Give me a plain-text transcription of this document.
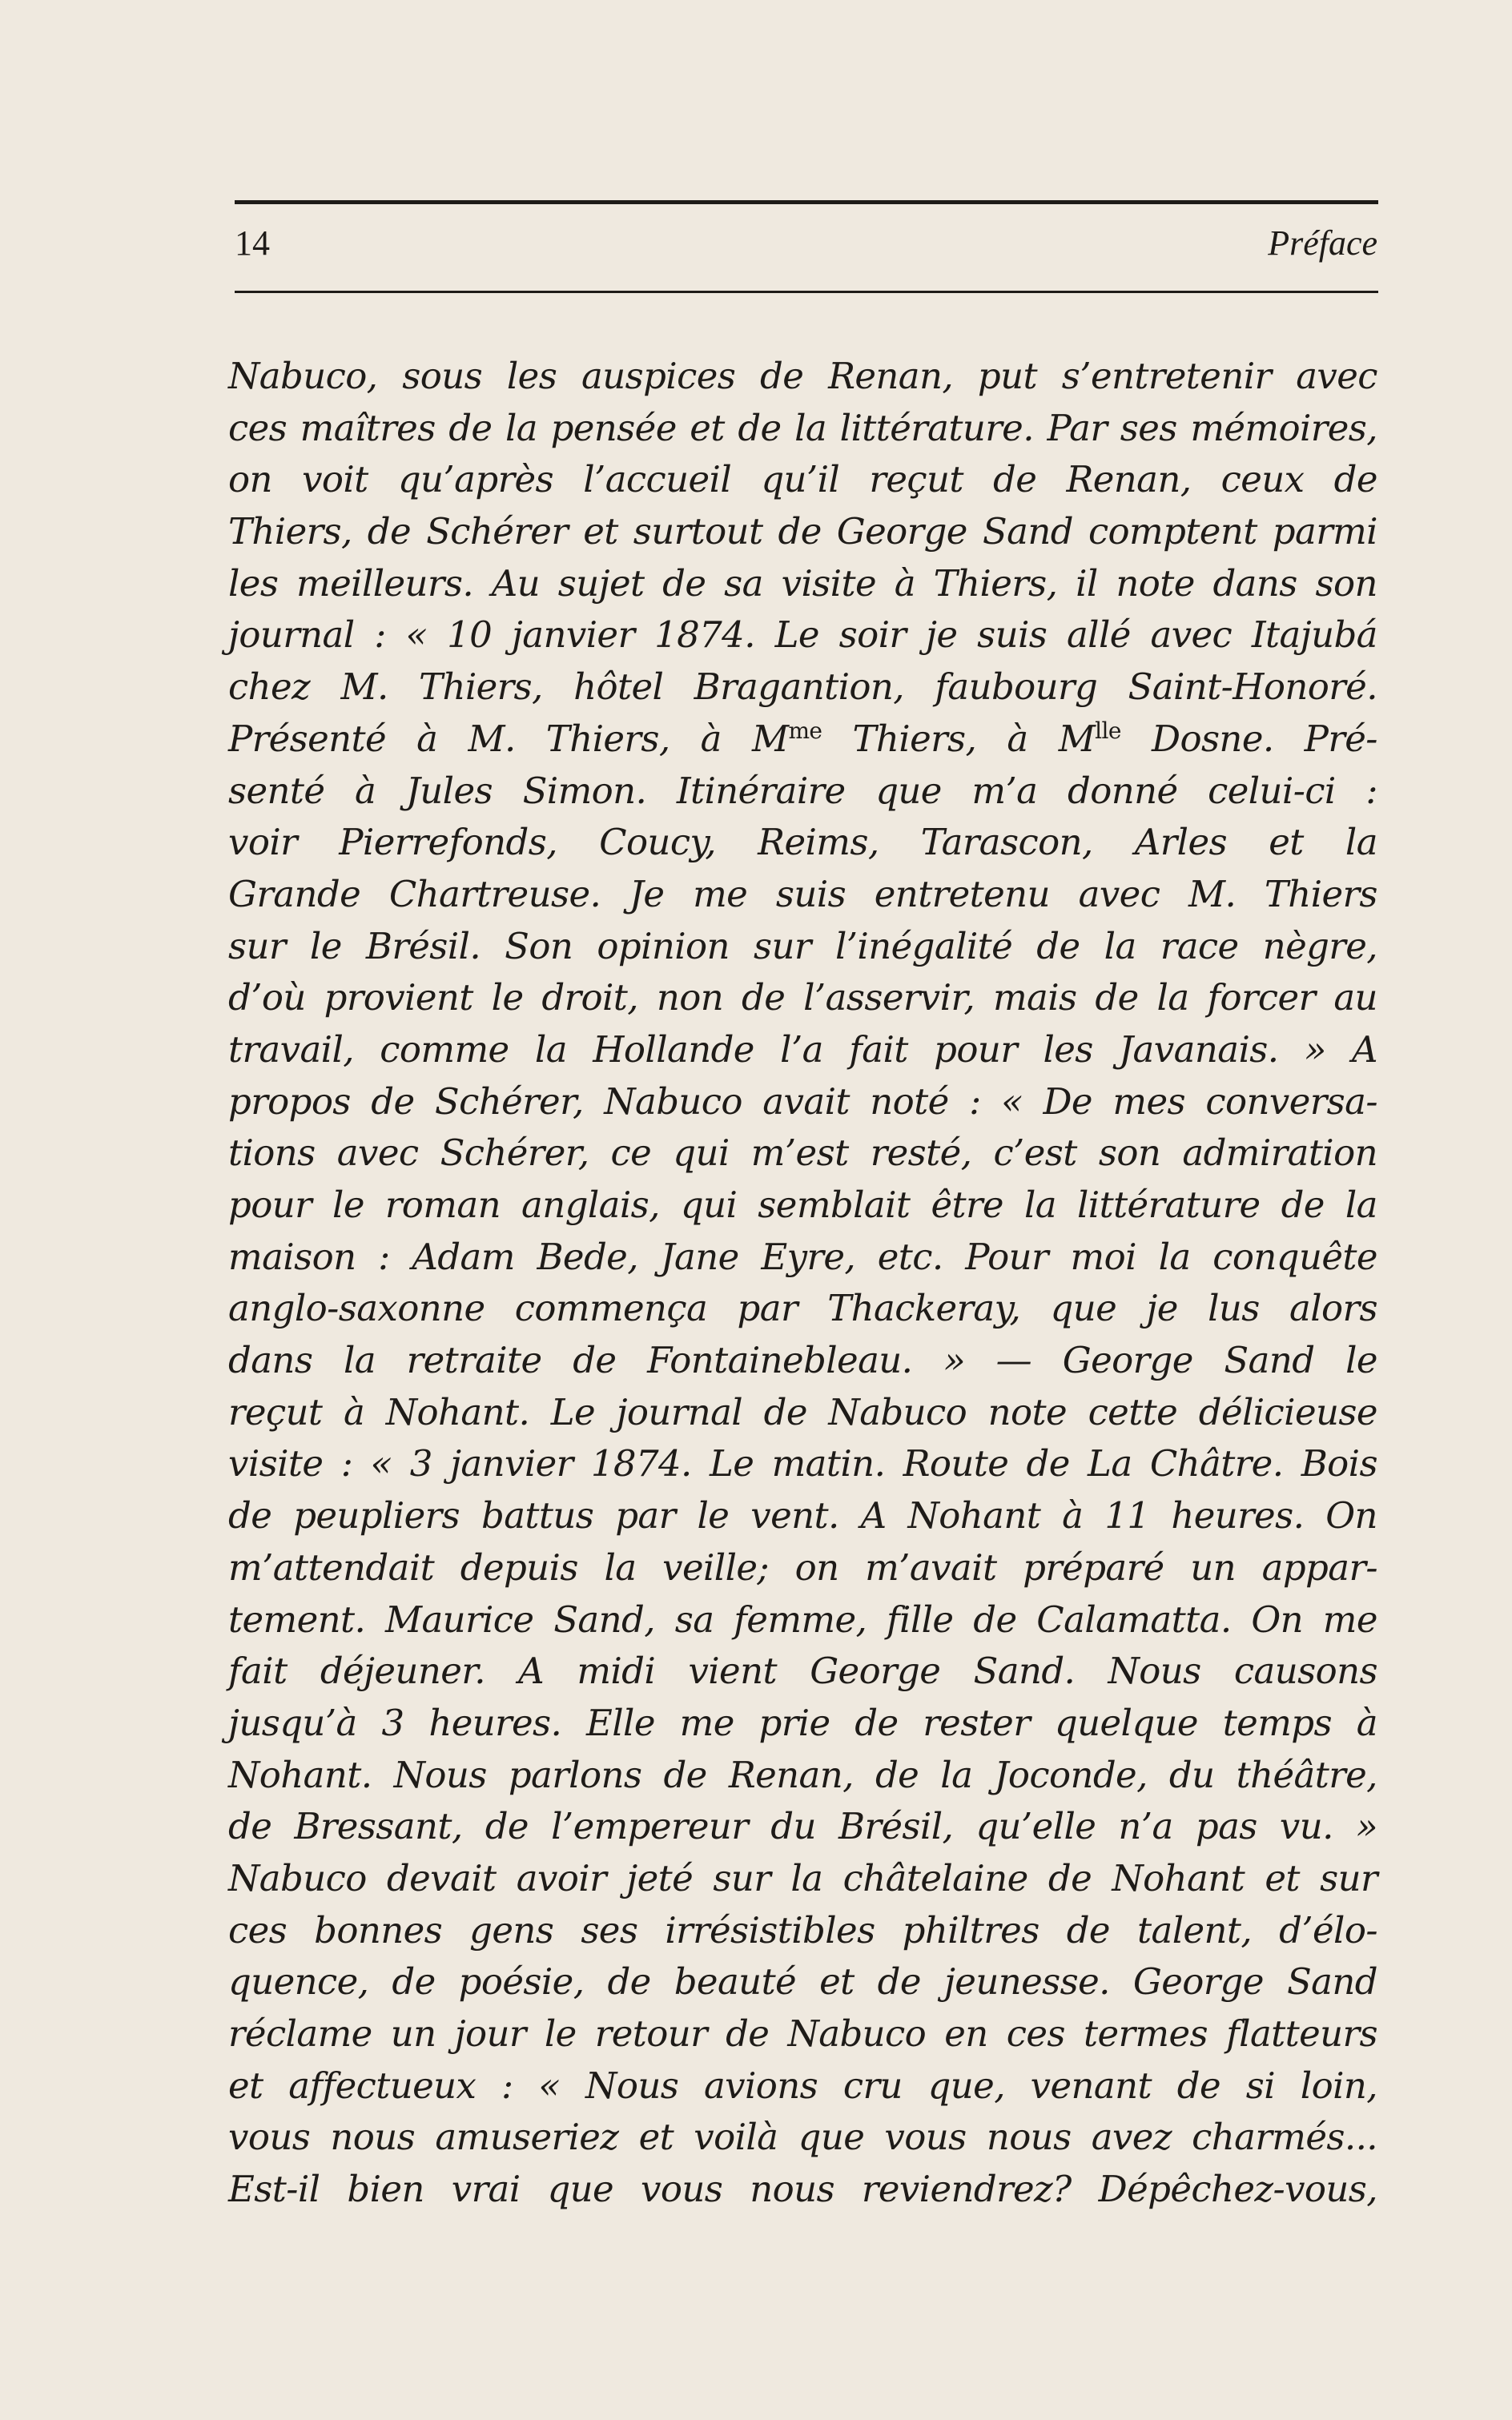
14	Préface
Nabuco, sous les auspices de Renan, put s’entretenir avec
ces maîtres de la pensée et de la littérature. Par ses mémoires,
on voit qu’après l’accueil qu’il reçut de Renan, ceux de
Thiers, de Schérer et surtout de George Sand comptent parmi
les meilleurs. Au sujet de sa visite à Thiers, il note dans son
journal : « 10 janvier 1874. Le soir je suis allé avec Itajubá
chez M. Thiers, hôtel Bragantion, faubourg Saint-Honoré.
Présenté à M. Thiers, à $M^{me}$ Thiers, à $M^{lle}$ Dosne. Pré-
senté à Jules Simon. Itinéraire que m’a donné celui-ci :
voir Pierrefonds, Coucy, Reims, Tarascon, Arles et la
Grande Chartreuse. Je me suis entretenu avec M. Thiers
sur le Brésil. Son opinion sur l’inégalité de la race nègre,
d’où provient le droit, non de l’asservir, mais de la forcer au
travail, comme la Hollande l’a fait pour les Javanais. » A
propos de Schérer, Nabuco avait noté : « De mes conversa-
tions avec Schérer, ce qui m’est resté, c’est son admiration
pour le roman anglais, qui semblait être la littérature de la
maison : Adam Bede, Jane Eyre, etc. Pour moi la conquête
anglo-saxonne commença par Thackeray, que je lus alors
dans la retraite de Fontainebleau. » — George Sand le
reçut à Nohant. Le journal de Nabuco note cette délicieuse
visite : « 3 janvier 1874. Le matin. Route de La Châtre. Bois
de peupliers battus par le vent. A Nohant à 11 heures. On
m’attendait depuis la veille; on m’avait préparé un appar-
tement. Maurice Sand, sa femme, fille de Calamatta. On me
fait déjeuner. A midi vient George Sand. Nous causons
jusqu’à 3 heures. Elle me prie de rester quelque temps à
Nohant. Nous parlons de Renan, de la Joconde, du théâtre,
de Bressant, de l’empereur du Brésil, qu’elle n’a pas vu. »
Nabuco devait avoir jeté sur la châtelaine de Nohant et sur
ces bonnes gens ses irrésistibles philtres de talent, d’élo-
quence, de poésie, de beauté et de jeunesse. George Sand
réclame un jour le retour de Nabuco en ces termes flatteurs
et affectueux : « Nous avions cru que, venant de si loin,
vous nous amuseriez et voilà que vous nous avez charmés...
Est-il bien vrai que vous nous reviendrez? Dépêchez-vous,
